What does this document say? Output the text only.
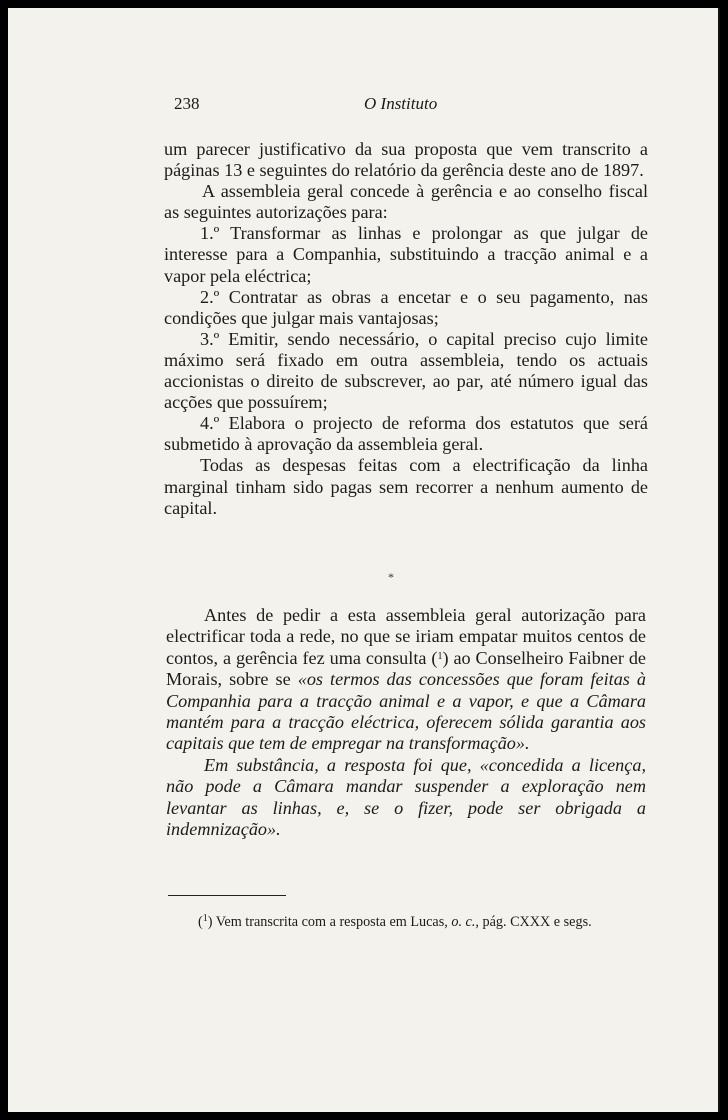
238	O Instituto

um parecer justificativo da sua proposta que vem transcrito a páginas 13 e seguintes do relatório da gerência deste ano de 1897.

A assembleia geral concede à gerência e ao conselho fiscal as seguintes autorizações para:

1.º Transformar as linhas e prolongar as que julgar de interesse para a Companhia, substituindo a tracção animal e a vapor pela eléctrica;

2.º Contratar as obras a encetar e o seu pagamento, nas condições que julgar mais vantajosas;

3.º Emitir, sendo necessário, o capital preciso cujo limite máximo será fixado em outra assembleia, tendo os actuais accionistas o direito de subscrever, ao par, até número igual das acções que possuírem;

4.º Elabora o projecto de reforma dos estatutos que será submetido à aprovação da assembleia geral.

Todas as despesas feitas com a electrificação da linha marginal tinham sido pagas sem recorrer a nenhum aumento de capital.

*

Antes de pedir a esta assembleia geral autorização para electrificar toda a rede, no que se iriam empatar muitos centos de contos, a gerência fez uma consulta ($^1$) ao Conselheiro Faibner de Morais, sobre se «os termos das concessões que foram feitas à Companhia para a tracção animal e a vapor, e que a Câmara mantém para a tracção eléctrica, oferecem sólida garantia aos capitais que tem de empregar na transformação».

Em substância, a resposta foi que, «concedida a licença, não pode a Câmara mandar suspender a exploração nem levantar as linhas, e, se o fizer, pode ser obrigada a indemnização».

($^1$) Vem transcrita com a resposta em Lucas, o. c., pág. CXXX e segs.
